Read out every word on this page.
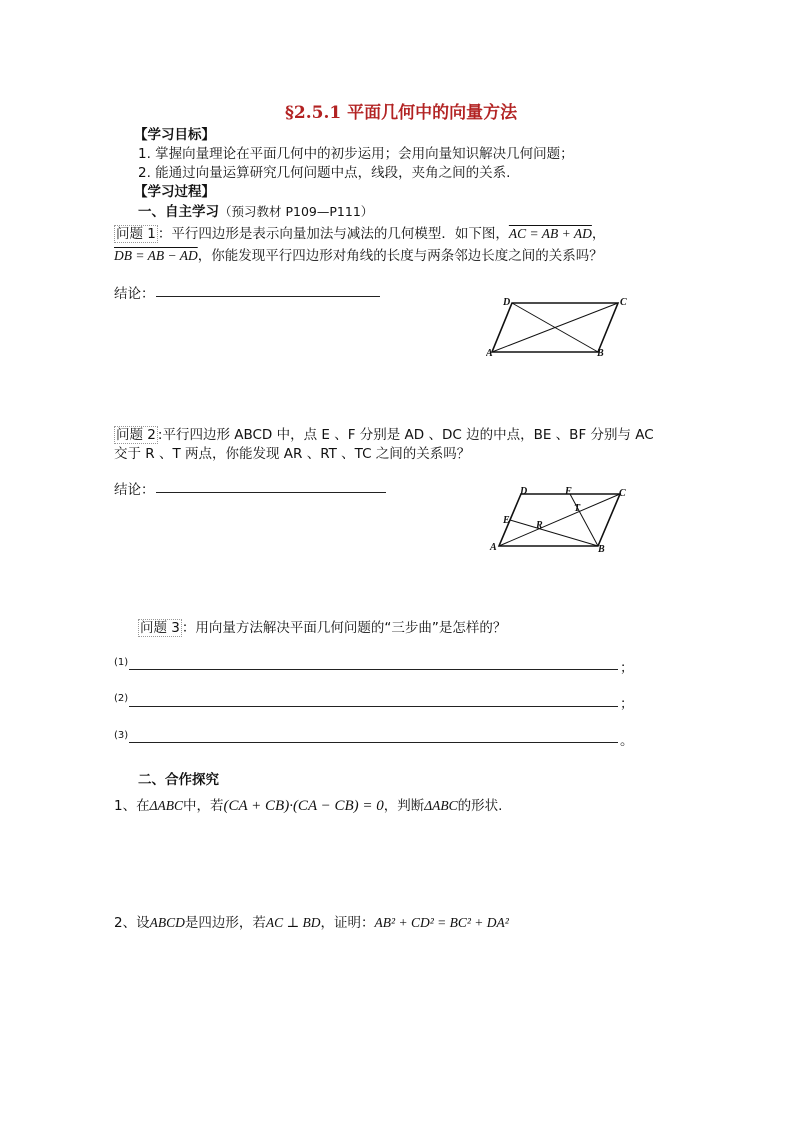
§2.5.1 平面几何中的向量方法
【学习目标】
1. 掌握向量理论在平面几何中的初步运用；会用向量知识解决几何问题；
2. 能通过向量运算研究几何问题中点，线段，夹角之间的关系.
【学习过程】
一、自主学习（预习教材 P109—P111）
问题 1 ：平行四边形是表示向量加法与减法的几何模型．如下图，AC = AB + AD，
DB = AB − AD，你能发现平行四边形对角线的长度与两条邻边长度之间的关系吗？
结论：
D	C
A	B
问题 2 :平行四边形 ABCD 中，点 E 、F 分别是 AD 、DC 边的中点，BE 、BF 分别与 AC
交于 R 、T 两点，你能发现 AR 、RT 、TC 之间的关系吗？
结论：	D	F	C
E
T
R
A	B
问题 3 ：用向量方法解决平面几何问题的“三步曲”是怎样的？
(1)	；
(2)	；
(3)	。
二、合作探究
1、在ΔABC中，若(CA + CB)·(CA − CB) = 0，判断ΔABC的形状.
2、设ABCD是四边形，若AC ⊥ BD，证明：AB² + CD² = BC² + DA²
